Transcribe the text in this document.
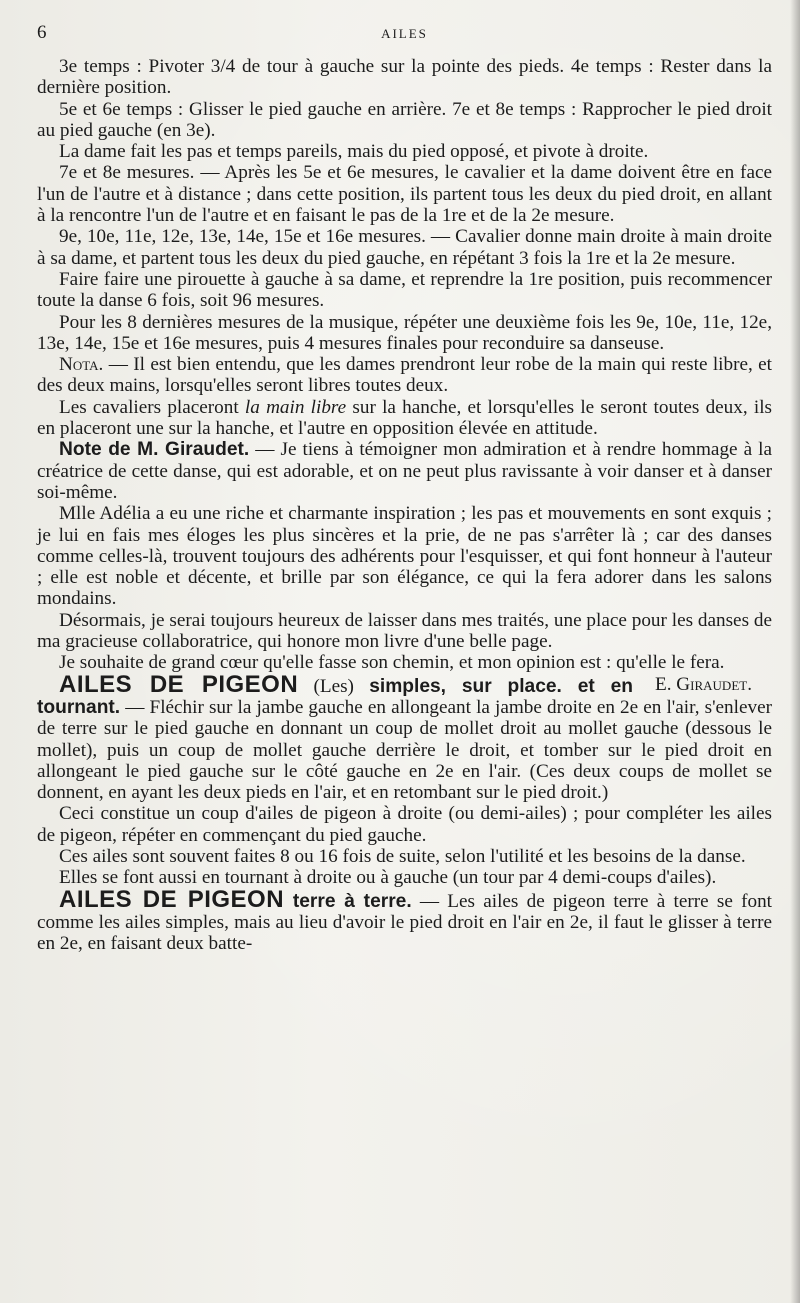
6	AILES

3e temps : Pivoter 3/4 de tour à gauche sur la pointe des pieds. 4e temps : Rester dans la dernière position.

5e et 6e temps : Glisser le pied gauche en arrière. 7e et 8e temps : Rapprocher le pied droit au pied gauche (en 3e).

La dame fait les pas et temps pareils, mais du pied opposé, et pivote à droite.

7e et 8e mesures. — Après les 5e et 6e mesures, le cavalier et la dame doivent être en face l'un de l'autre et à distance ; dans cette position, ils partent tous les deux du pied droit, en allant à la rencontre l'un de l'autre et en faisant le pas de la 1re et de la 2e mesure.

9e, 10e, 11e, 12e, 13e, 14e, 15e et 16e mesures. — Cavalier donne main droite à main droite à sa dame, et partent tous les deux du pied gauche, en répétant 3 fois la 1re et la 2e mesure.

Faire faire une pirouette à gauche à sa dame, et reprendre la 1re position, puis recommencer toute la danse 6 fois, soit 96 mesures.

Pour les 8 dernières mesures de la musique, répéter une deuxième fois les 9e, 10e, 11e, 12e, 13e, 14e, 15e et 16e mesures, puis 4 mesures finales pour reconduire sa danseuse.

Nota. — Il est bien entendu, que les dames prendront leur robe de la main qui reste libre, et des deux mains, lorsqu'elles seront libres toutes deux.

Les cavaliers placeront la main libre sur la hanche, et lorsqu'elles le seront toutes deux, ils en placeront une sur la hanche, et l'autre en opposition élevée en attitude.

Note de M. Giraudet. — Je tiens à témoigner mon admiration et à rendre hommage à la créatrice de cette danse, qui est adorable, et on ne peut plus ravissante à voir danser et à danser soi-même.

Mlle Adélia a eu une riche et charmante inspiration ; les pas et mouvements en sont exquis ; je lui en fais mes éloges les plus sincères et la prie, de ne pas s'arrêter là ; car des danses comme celles-là, trouvent toujours des adhérents pour l'esquisser, et qui font honneur à l'auteur ; elle est noble et décente, et brille par son élégance, ce qui la fera adorer dans les salons mondains.

Désormais, je serai toujours heureux de laisser dans mes traités, une place pour les danses de ma gracieuse collaboratrice, qui honore mon livre d'une belle page.

Je souhaite de grand cœur qu'elle fasse son chemin, et mon opinion est : qu'elle le fera.
E. Giraudet.

AILES DE PIGEON (Les) simples, sur place. et en tournant. — Fléchir sur la jambe gauche en allongeant la jambe droite en 2e en l'air, s'enlever de terre sur le pied gauche en donnant un coup de mollet droit au mollet gauche (dessous le mollet), puis un coup de mollet gauche derrière le droit, et tomber sur le pied droit en allongeant le pied gauche sur le côté gauche en 2e en l'air. (Ces deux coups de mollet se donnent, en ayant les deux pieds en l'air, et en retombant sur le pied droit.)

Ceci constitue un coup d'ailes de pigeon à droite (ou demi-ailes) ; pour compléter les ailes de pigeon, répéter en commençant du pied gauche.

Ces ailes sont souvent faites 8 ou 16 fois de suite, selon l'utilité et les besoins de la danse.

Elles se font aussi en tournant à droite ou à gauche (un tour par 4 demi-coups d'ailes).

AILES DE PIGEON terre à terre. — Les ailes de pigeon terre à terre se font comme les ailes simples, mais au lieu d'avoir le pied droit en l'air en 2e, il faut le glisser à terre en 2e, en faisant deux batte-
